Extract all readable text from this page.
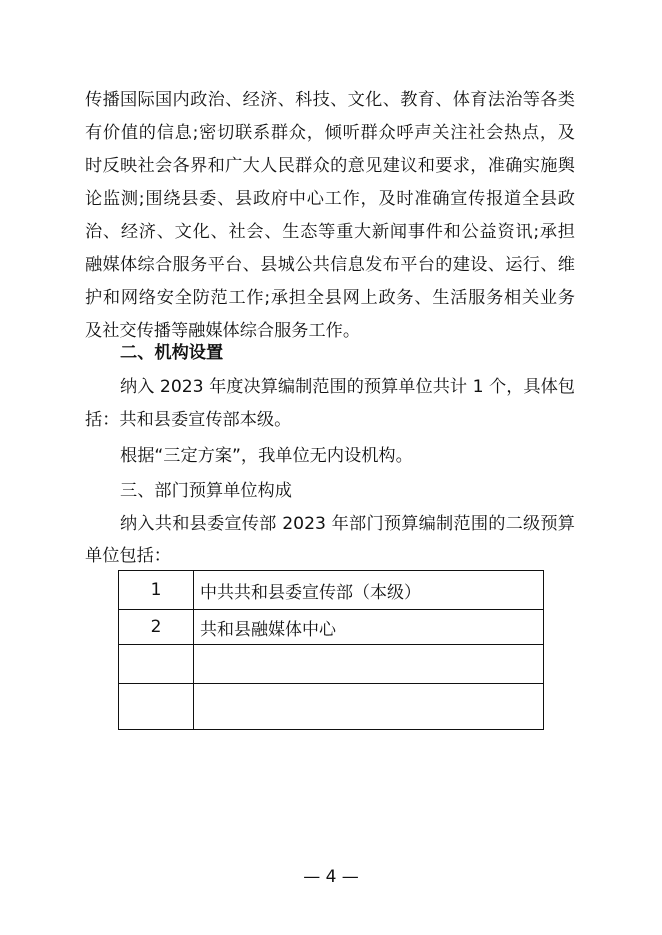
传播国际国内政治、经济、科技、文化、教育、体育法治等各类
有价值的信息;密切联系群众，倾听群众呼声关注社会热点，及
时反映社会各界和广大人民群众的意见建议和要求，准确实施舆
论监测;围绕县委、县政府中心工作，及时准确宣传报道全县政
治、经济、文化、社会、生态等重大新闻事件和公益资讯;承担
融媒体综合服务平台、县城公共信息发布平台的建设、运行、维
护和网络安全防范工作;承担全县网上政务、生活服务相关业务
及社交传播等融媒体综合服务工作。
二、机构设置
纳入 2023 年度决算编制范围的预算单位共计 1 个，具体包
括：共和县委宣传部本级。
根据“三定方案”，我单位无内设机构。
三、部门预算单位构成
纳入共和县委宣传部 2023 年部门预算编制范围的二级预算
单位包括：
1	中共共和县委宣传部（本级）
2	共和县融媒体中心

— 4 —
